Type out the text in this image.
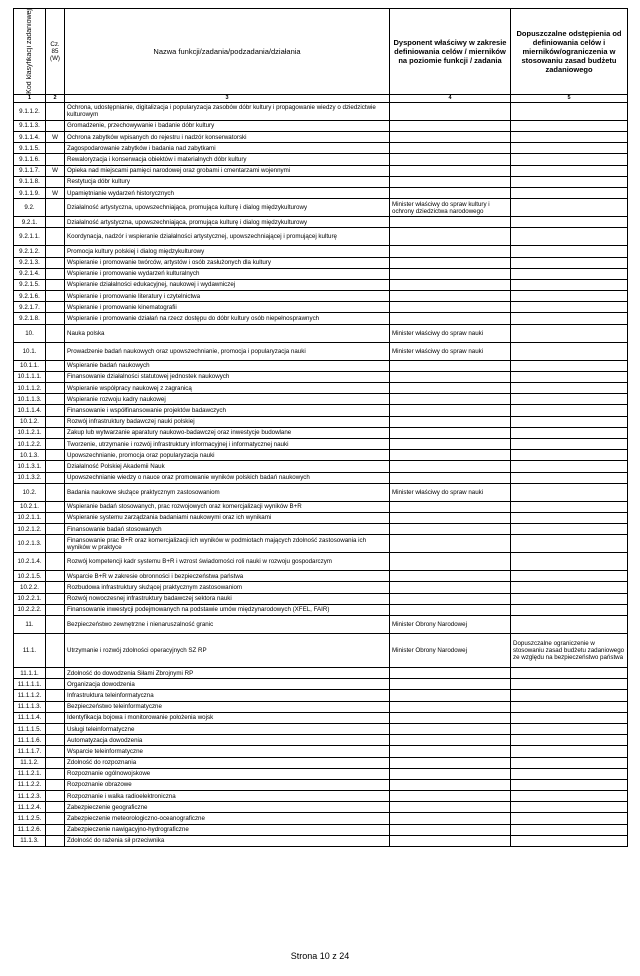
Kod klasyfikacji zadaniowej	Cz. 85 (W)	Nazwa funkcji/zadania/podzadania/działania	Dysponent właściwy w zakresie definiowania celów / mierników na poziomie funkcji / zadania	Dopuszczalne odstępienia od definiowania celów i mierników/ograniczenia w stosowaniu zasad budżetu zadaniowego
1	2	3	4	5
9.1.1.2.		Ochrona, udostępnianie, digitalizacja i popularyzacja zasobów dóbr kultury i propagowanie wiedzy o dziedzictwie kulturowym		
9.1.1.3.		Gromadzenie, przechowywanie i badanie dóbr kultury		
9.1.1.4.	W	Ochrona zabytków wpisanych do rejestru i nadzór konserwatorski		
9.1.1.5.		Zagospodarowanie zabytków i badania nad zabytkami		
9.1.1.6.		Rewaloryzacja i konserwacja obiektów i materialnych dóbr kultury		
9.1.1.7.	W	Opieka nad miejscami pamięci narodowej oraz grobami i cmentarzami wojennymi		
9.1.1.8.		Restytucja dóbr kultury		
9.1.1.9.	W	Upamiętnianie wydarzeń historycznych		
9.2.		Działalność artystyczna, upowszechniająca, promująca kulturę i dialog międzykulturowy	Minister właściwy do spraw kultury i ochrony dziedzictwa narodowego	
9.2.1.		Działalność artystyczna, upowszechniająca, promująca kulturę i dialog międzykulturowy		
9.2.1.1.		Koordynacja, nadzór i wspieranie działalności artystycznej, upowszechniającej i promującej kulturę		
9.2.1.2.		Promocja kultury polskiej i dialog międzykulturowy		
9.2.1.3.		Wspieranie i promowanie twórców, artystów i osób zasłużonych dla kultury		
9.2.1.4.		Wspieranie i promowanie wydarzeń kulturalnych		
9.2.1.5.		Wspieranie działalności edukacyjnej, naukowej i wydawniczej		
9.2.1.6.		Wspieranie i promowanie literatury i czytelnictwa		
9.2.1.7.		Wspieranie i promowanie kinematografii		
9.2.1.8.		Wspieranie i promowanie działań na rzecz dostępu do dóbr kultury osób niepełnosprawnych		
10.		Nauka polska	Minister właściwy do spraw nauki	
10.1.		Prowadzenie badań naukowych oraz upowszechnianie, promocja i popularyzacja nauki	Minister właściwy do spraw nauki	
10.1.1.		Wspieranie badań naukowych		
10.1.1.1.		Finansowanie działalności statutowej jednostek naukowych		
10.1.1.2.		Wspieranie współpracy naukowej z zagranicą		
10.1.1.3.		Wspieranie rozwoju kadry naukowej		
10.1.1.4.		Finansowanie i współfinansowanie projektów badawczych		
10.1.2.		Rozwój infrastruktury badawczej nauki polskiej		
10.1.2.1.		Zakup lub wytwarzanie aparatury naukowo-badawczej oraz inwestycje budowlane		
10.1.2.2.		Tworzenie, utrzymanie i rozwój infrastruktury informacyjnej i informatycznej nauki		
10.1.3.		Upowszechnianie, promocja oraz popularyzacja nauki		
10.1.3.1.		Działalność Polskiej Akademii Nauk		
10.1.3.2.		Upowszechnianie wiedzy o nauce oraz promowanie wyników polskich badań naukowych		
10.2.		Badania naukowe służące praktycznym zastosowaniom	Minister właściwy do spraw nauki	
10.2.1.		Wspieranie badań stosowanych, prac rozwojowych oraz komercjalizacji wyników B+R		
10.2.1.1.		Wspieranie systemu zarządzania badaniami naukowymi oraz ich wynikami		
10.2.1.2.		Finansowanie badań stosowanych		
10.2.1.3.		Finansowanie prac B+R oraz komercjalizacji ich wyników w podmiotach mających zdolność zastosowania ich wyników w praktyce		
10.2.1.4.		Rozwój kompetencji kadr systemu B+R i wzrost świadomości roli nauki w rozwoju gospodarczym		
10.2.1.5.		Wsparcie B+R w zakresie obronności i bezpieczeństwa państwa		
10.2.2.		Rozbudowa infrastruktury służącej praktycznym zastosowaniom		
10.2.2.1.		Rozwój nowoczesnej infrastruktury badawczej sektora nauki		
10.2.2.2.		Finansowanie inwestycji podejmowanych na podstawie umów międzynarodowych (XFEL, FAIR)		
11.		Bezpieczeństwo zewnętrzne i nienaruszalność granic	Minister Obrony Narodowej	
11.1.		Utrzymanie i rozwój zdolności operacyjnych SZ RP	Minister Obrony Narodowej	Dopuszczalne ograniczenie w stosowaniu zasad budżetu zadaniowego ze względu na bezpieczeństwo państwa
11.1.1.		Zdolność do dowodzenia Siłami Zbrojnymi RP		
11.1.1.1.		Organizacja dowodzenia		
11.1.1.2.		Infrastruktura teleinformatyczna		
11.1.1.3.		Bezpieczeństwo teleinformatyczne		
11.1.1.4.		Identyfikacja bojowa i monitorowanie położenia wojsk		
11.1.1.5.		Usługi teleinformatyczne		
11.1.1.6.		Automatyzacja dowodzenia		
11.1.1.7.		Wsparcie teleinformatyczne		
11.1.2.		Zdolność do rozpoznania		
11.1.2.1.		Rozpoznanie ogólnowojskowe		
11.1.2.2.		Rozpoznanie obrazowe		
11.1.2.3.		Rozpoznanie i walka radioelektroniczna		
11.1.2.4.		Zabezpieczenie geograficzne		
11.1.2.5.		Zabezpieczenie meteorologiczno-oceanograficzne		
11.1.2.6.		Zabezpieczenie nawigacyjno-hydrograficzne		
11.1.3.		Zdolność do rażenia sił przeciwnika		
Strona 10 z 24
